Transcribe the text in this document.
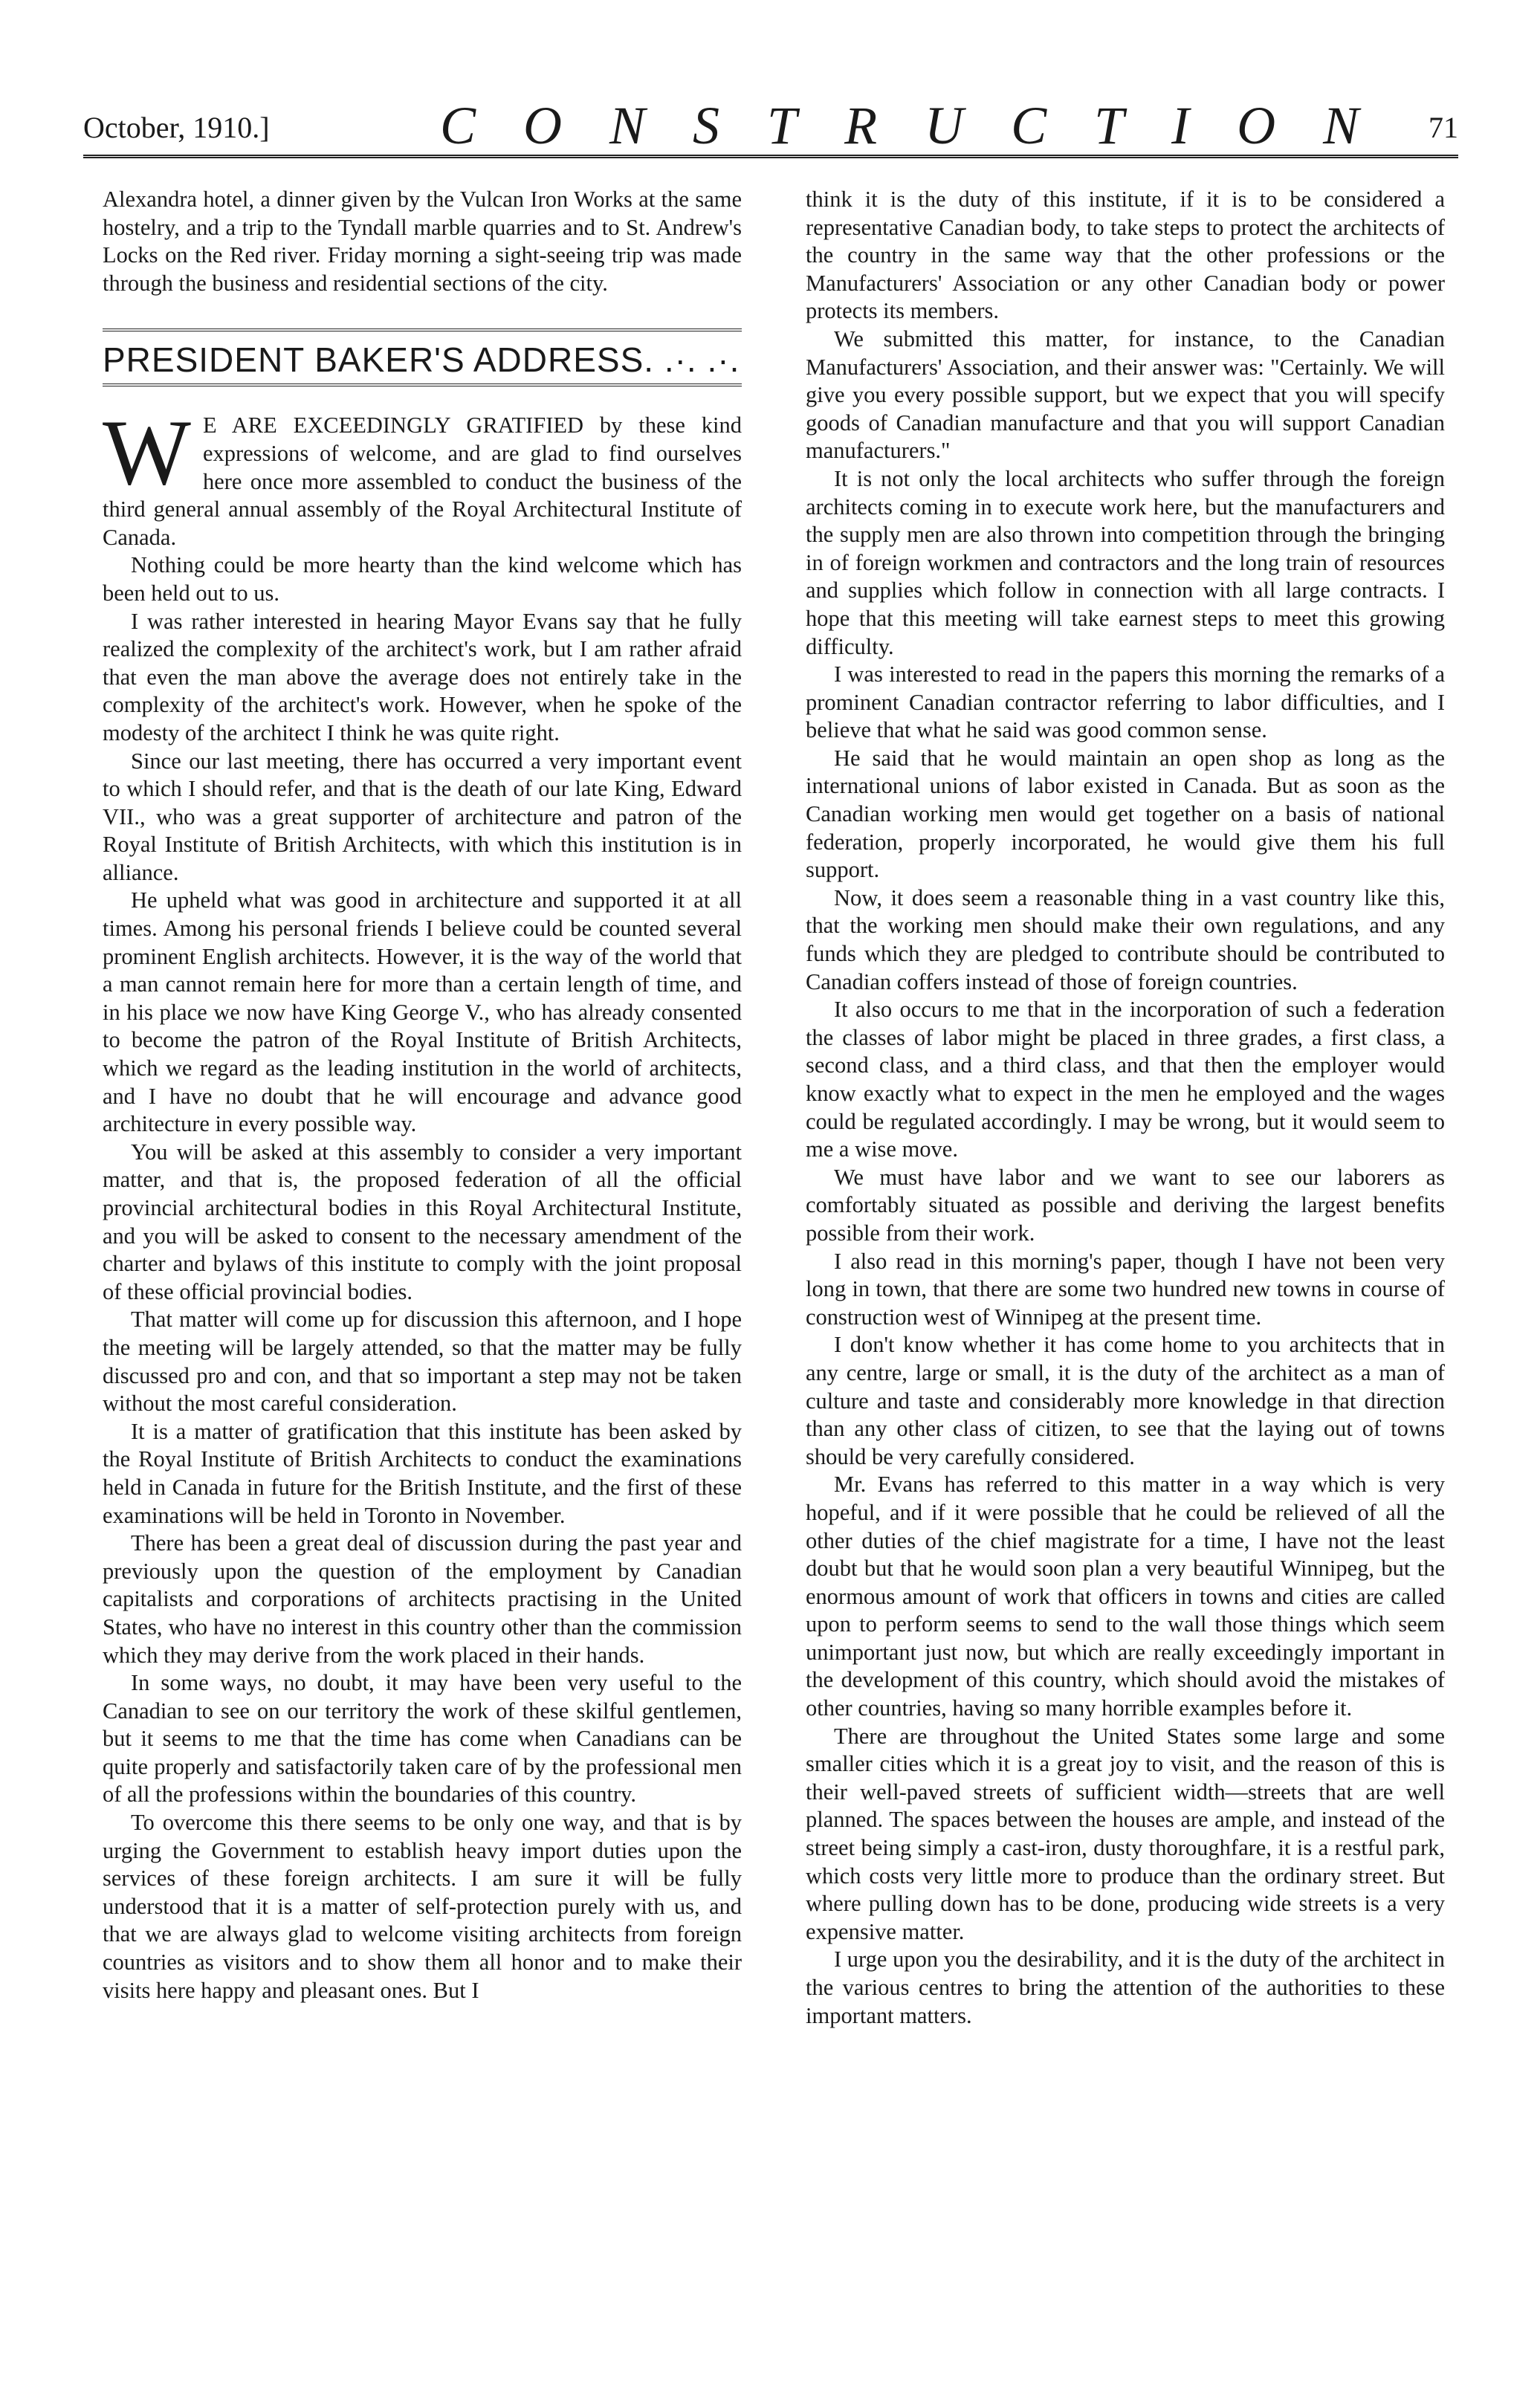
October, 1910.]	CONSTRUCTION 71

Alexandra hotel, a dinner given by the Vulcan Iron Works at the same hostelry, and a trip to the Tyndall marble quarries and to St. Andrew's Locks on the Red river. Friday morning a sight-seeing trip was made through the business and residential sections of the city.

PRESIDENT BAKER'S ADDRESS. .·. .·.

WE ARE EXCEEDINGLY GRATIFIED by these kind expressions of welcome, and are glad to find ourselves here once more assembled to conduct the business of the third general annual assembly of the Royal Architectural Institute of Canada.

Nothing could be more hearty than the kind welcome which has been held out to us.

I was rather interested in hearing Mayor Evans say that he fully realized the complexity of the architect's work, but I am rather afraid that even the man above the average does not entirely take in the complexity of the architect's work. However, when he spoke of the modesty of the architect I think he was quite right.

Since our last meeting, there has occurred a very important event to which I should refer, and that is the death of our late King, Edward VII., who was a great supporter of architecture and patron of the Royal Institute of British Architects, with which this institution is in alliance.

He upheld what was good in architecture and supported it at all times. Among his personal friends I believe could be counted several prominent English architects. However, it is the way of the world that a man cannot remain here for more than a certain length of time, and in his place we now have King George V., who has already consented to become the patron of the Royal Institute of British Architects, which we regard as the leading institution in the world of architects, and I have no doubt that he will encourage and advance good architecture in every possible way.

You will be asked at this assembly to consider a very important matter, and that is, the proposed federation of all the official provincial architectural bodies in this Royal Architectural Institute, and you will be asked to consent to the necessary amendment of the charter and bylaws of this institute to comply with the joint proposal of these official provincial bodies.

That matter will come up for discussion this afternoon, and I hope the meeting will be largely attended, so that the matter may be fully discussed pro and con, and that so important a step may not be taken without the most careful consideration.

It is a matter of gratification that this institute has been asked by the Royal Institute of British Architects to conduct the examinations held in Canada in future for the British Institute, and the first of these examinations will be held in Toronto in November.

There has been a great deal of discussion during the past year and previously upon the question of the employment by Canadian capitalists and corporations of architects practising in the United States, who have no interest in this country other than the commission which they may derive from the work placed in their hands.

In some ways, no doubt, it may have been very useful to the Canadian to see on our territory the work of these skilful gentlemen, but it seems to me that the time has come when Canadians can be quite properly and satisfactorily taken care of by the professional men of all the professions within the boundaries of this country.

To overcome this there seems to be only one way, and that is by urging the Government to establish heavy import duties upon the services of these foreign architects. I am sure it will be fully understood that it is a matter of self-protection purely with us, and that we are always glad to welcome visiting architects from foreign countries as visitors and to show them all honor and to make their visits here happy and pleasant ones. But I

think it is the duty of this institute, if it is to be considered a representative Canadian body, to take steps to protect the architects of the country in the same way that the other professions or the Manufacturers' Association or any other Canadian body or power protects its members.

We submitted this matter, for instance, to the Canadian Manufacturers' Association, and their answer was: "Certainly. We will give you every possible support, but we expect that you will specify goods of Canadian manufacture and that you will support Canadian manufacturers."

It is not only the local architects who suffer through the foreign architects coming in to execute work here, but the manufacturers and the supply men are also thrown into competition through the bringing in of foreign workmen and contractors and the long train of resources and supplies which follow in connection with all large contracts. I hope that this meeting will take earnest steps to meet this growing difficulty.

I was interested to read in the papers this morning the remarks of a prominent Canadian contractor referring to labor difficulties, and I believe that what he said was good common sense.

He said that he would maintain an open shop as long as the international unions of labor existed in Canada. But as soon as the Canadian working men would get together on a basis of national federation, properly incorporated, he would give them his full support.

Now, it does seem a reasonable thing in a vast country like this, that the working men should make their own regulations, and any funds which they are pledged to contribute should be contributed to Canadian coffers instead of those of foreign countries.

It also occurs to me that in the incorporation of such a federation the classes of labor might be placed in three grades, a first class, a second class, and a third class, and that then the employer would know exactly what to expect in the men he employed and the wages could be regulated accordingly. I may be wrong, but it would seem to me a wise move.

We must have labor and we want to see our laborers as comfortably situated as possible and deriving the largest benefits possible from their work.

I also read in this morning's paper, though I have not been very long in town, that there are some two hundred new towns in course of construction west of Winnipeg at the present time.

I don't know whether it has come home to you architects that in any centre, large or small, it is the duty of the architect as a man of culture and taste and considerably more knowledge in that direction than any other class of citizen, to see that the laying out of towns should be very carefully considered.

Mr. Evans has referred to this matter in a way which is very hopeful, and if it were possible that he could be relieved of all the other duties of the chief magistrate for a time, I have not the least doubt but that he would soon plan a very beautiful Winnipeg, but the enormous amount of work that officers in towns and cities are called upon to perform seems to send to the wall those things which seem unimportant just now, but which are really exceedingly important in the development of this country, which should avoid the mistakes of other countries, having so many horrible examples before it.

There are throughout the United States some large and some smaller cities which it is a great joy to visit, and the reason of this is their well-paved streets of sufficient width—streets that are well planned. The spaces between the houses are ample, and instead of the street being simply a cast-iron, dusty thoroughfare, it is a restful park, which costs very little more to produce than the ordinary street. But where pulling down has to be done, producing wide streets is a very expensive matter.

I urge upon you the desirability, and it is the duty of the architect in the various centres to bring the attention of the authorities to these important matters.
